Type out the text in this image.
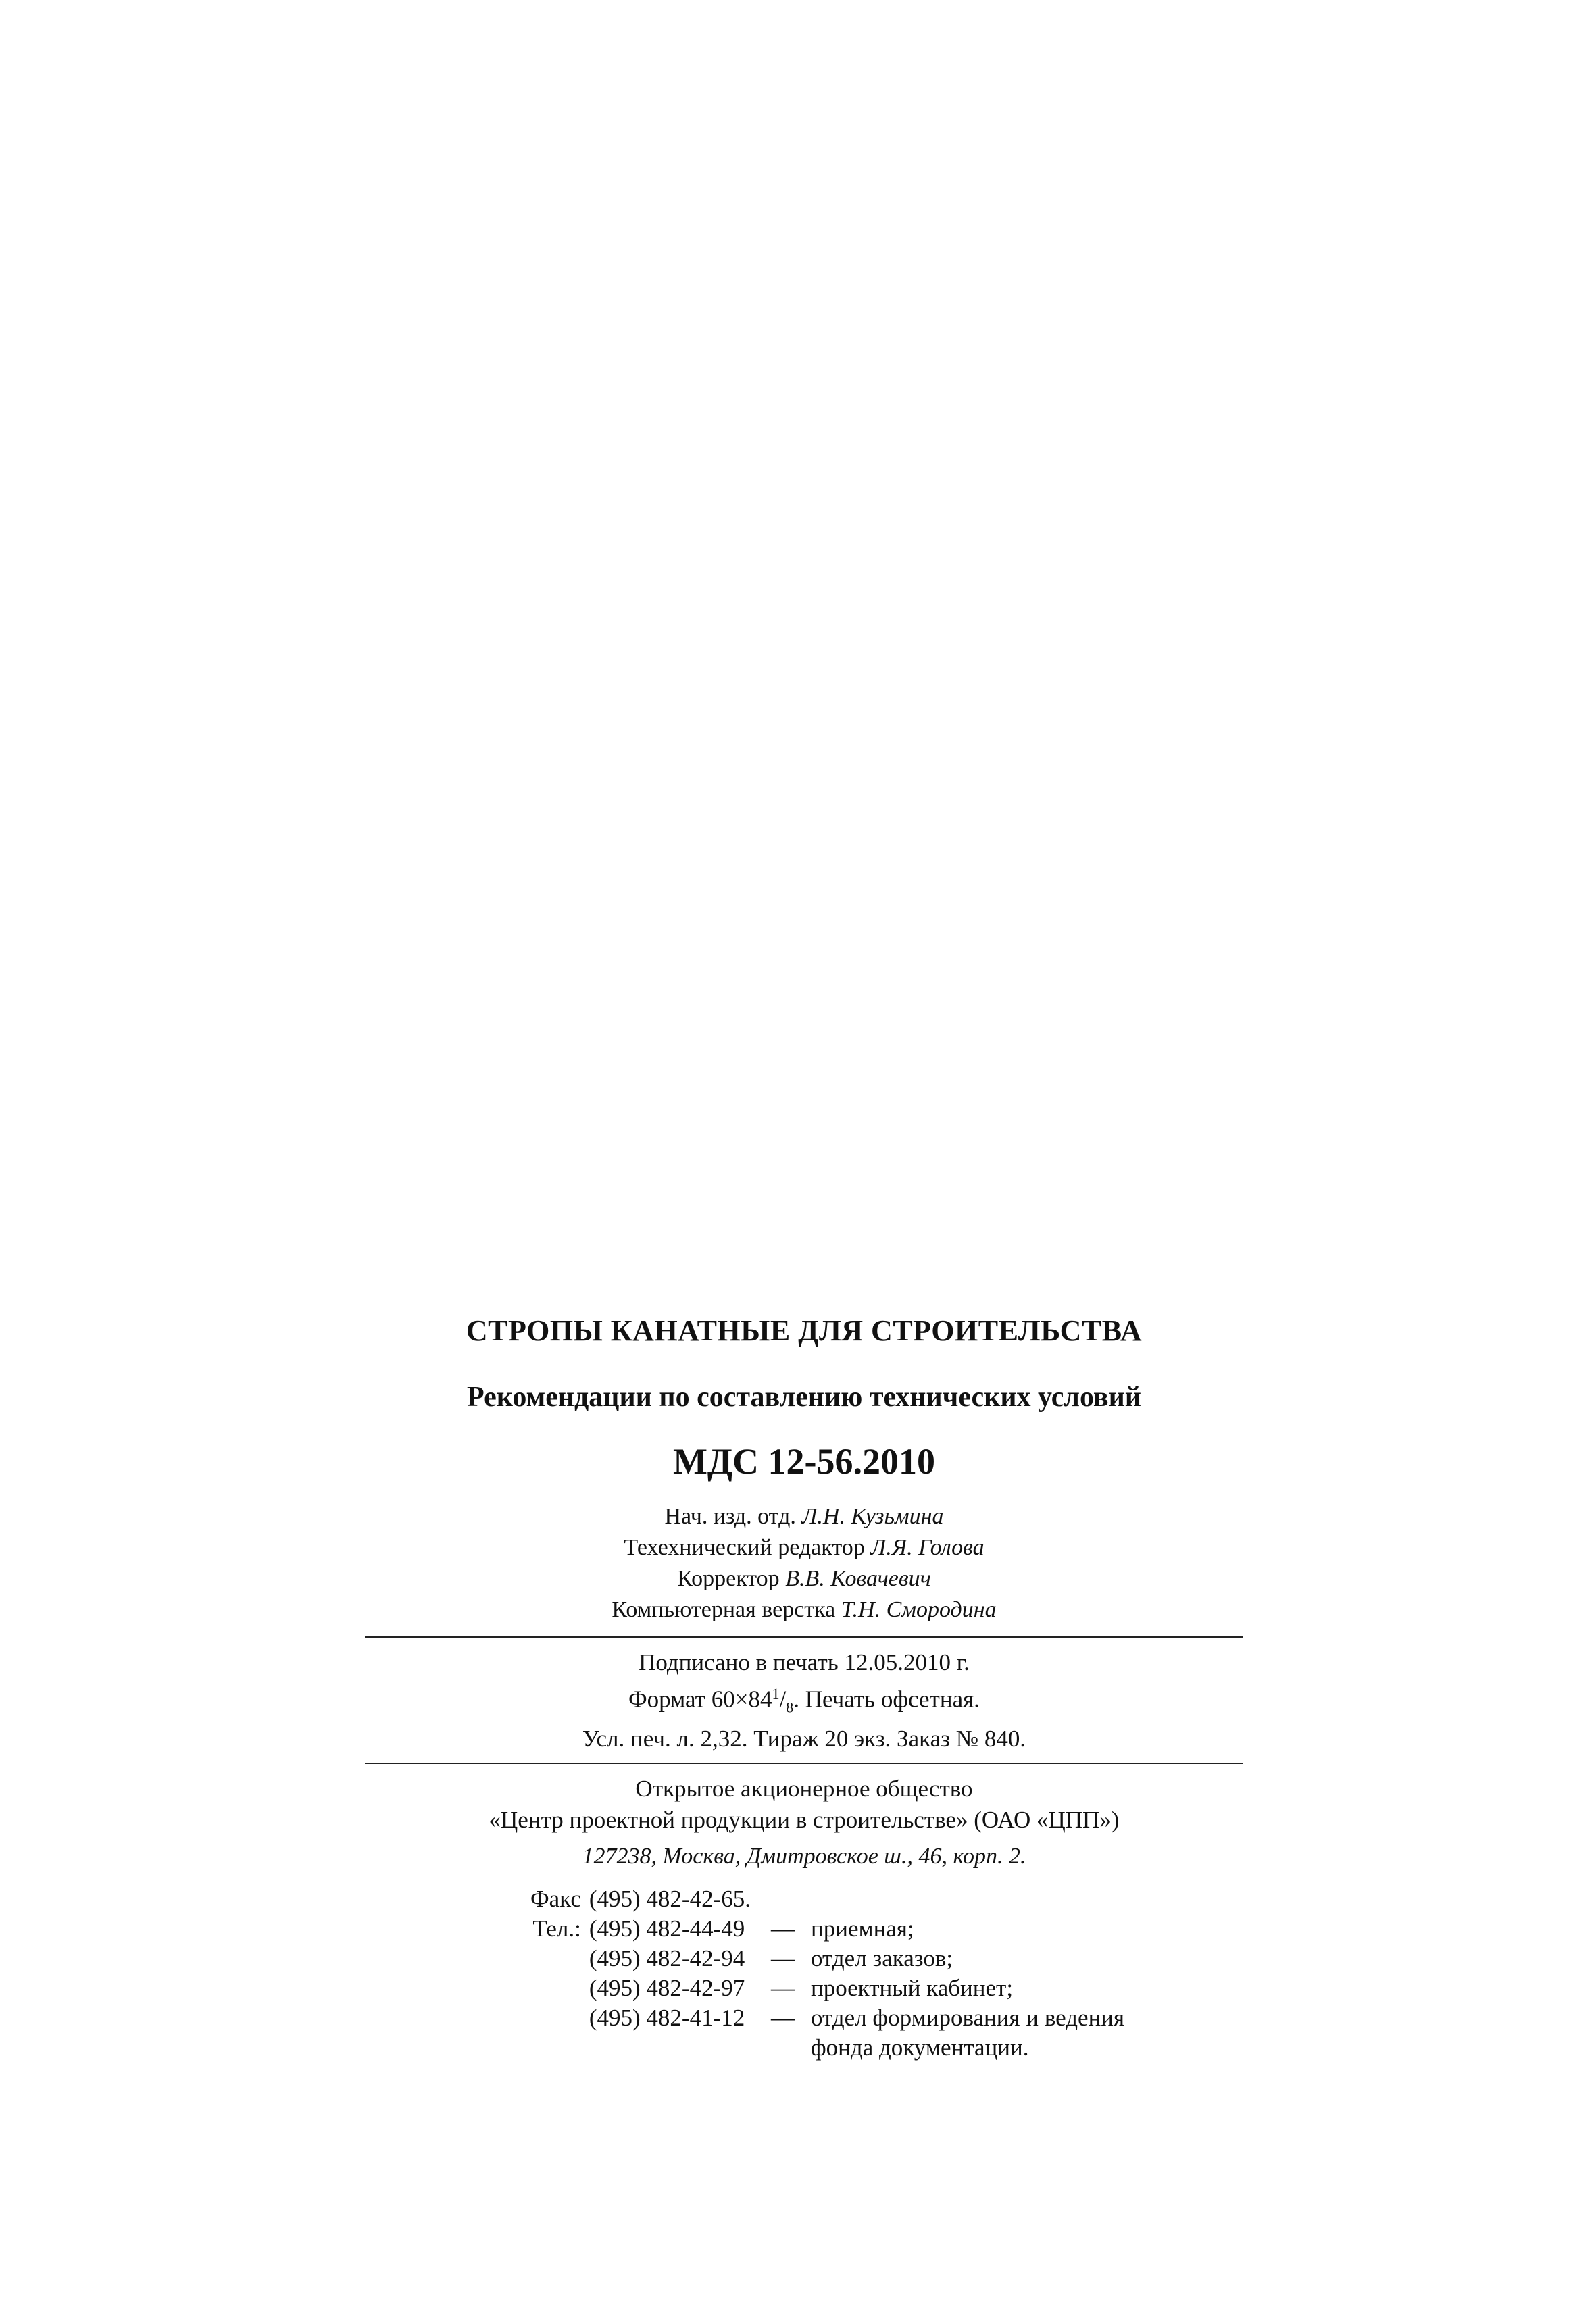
СТРОПЫ КАНАТНЫЕ ДЛЯ СТРОИТЕЛЬСТВА
Рекомендации по составлению технических условий
МДС 12-56.2010
Нач. изд. отд. Л.Н. Кузьмина
Техехнический редактор Л.Я. Голова
Корректор В.В. Ковачевич
Компьютерная верстка Т.Н. Смородина
Подписано в печать 12.05.2010 г.
Формат $60\times 84^1/_8$. Печать офсетная.
Усл. печ. л. 2,32. Тираж 20 экз. Заказ № 840.
Открытое акционерное общество
«Центр проектной продукции в строительстве» (ОАО «ЦПП»)
127238, Москва, Дмитровское ш., 46, корп. 2.
Факс	(495) 482-42-65.		
Тел.:	(495) 482-44-49	—	приемная;
	(495) 482-42-94	—	отдел заказов;
	(495) 482-42-97	—	проектный кабинет;
	(495) 482-41-12	—	отдел формирования и ведения фонда документации.
